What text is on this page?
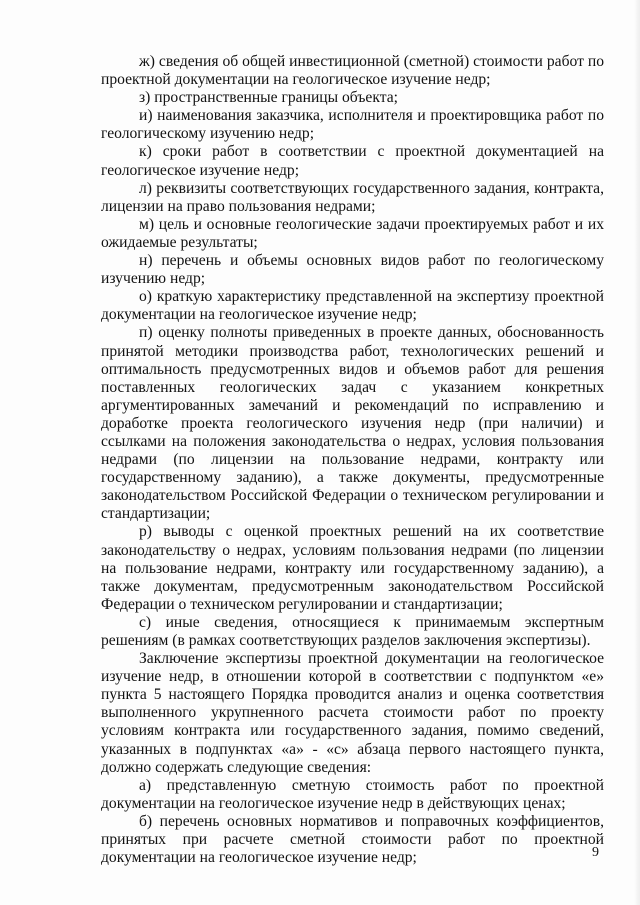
ж) сведения об общей инвестиционной (сметной) стоимости работ по проектной документации на геологическое изучение недр;

з) пространственные границы объекта;

и) наименования заказчика, исполнителя и проектировщика работ по геологическому изучению недр;

к) сроки работ в соответствии с проектной документацией на геологическое изучение недр;

л) реквизиты соответствующих государственного задания, контракта, лицензии на право пользования недрами;

м) цель и основные геологические задачи проектируемых работ и их ожидаемые результаты;

н) перечень и объемы основных видов работ по геологическому изучению недр;

о) краткую характеристику представленной на экспертизу проектной документации на геологическое изучение недр;

п) оценку полноты приведенных в проекте данных, обоснованность принятой методики производства работ, технологических решений и оптимальность предусмотренных видов и объемов работ для решения поставленных геологических задач с указанием конкретных аргументированных замечаний и рекомендаций по исправлению и доработке проекта геологического изучения недр (при наличии) и ссылками на положения законодательства о недрах, условия пользования недрами (по лицензии на пользование недрами, контракту или государственному заданию), а также документы, предусмотренные законодательством Российской Федерации о техническом регулировании и стандартизации;

р) выводы с оценкой проектных решений на их соответствие законодательству о недрах, условиям пользования недрами (по лицензии на пользование недрами, контракту или государственному заданию), а также документам, предусмотренным законодательством Российской Федерации о техническом регулировании и стандартизации;

с) иные сведения, относящиеся к принимаемым экспертным решениям (в рамках соответствующих разделов заключения экспертизы).

Заключение экспертизы проектной документации на геологическое изучение недр, в отношении которой в соответствии с подпунктом «е» пункта 5 настоящего Порядка проводится анализ и оценка соответствия выполненного укрупненного расчета стоимости работ по проекту условиям контракта или государственного задания, помимо сведений, указанных в подпунктах «а» - «с» абзаца первого настоящего пункта, должно содержать следующие сведения:

а) представленную сметную стоимость работ по проектной документации на геологическое изучение недр в действующих ценах;

б) перечень основных нормативов и поправочных коэффициентов, принятых при расчете сметной стоимости работ по проектной документации на геологическое изучение недр;	9
